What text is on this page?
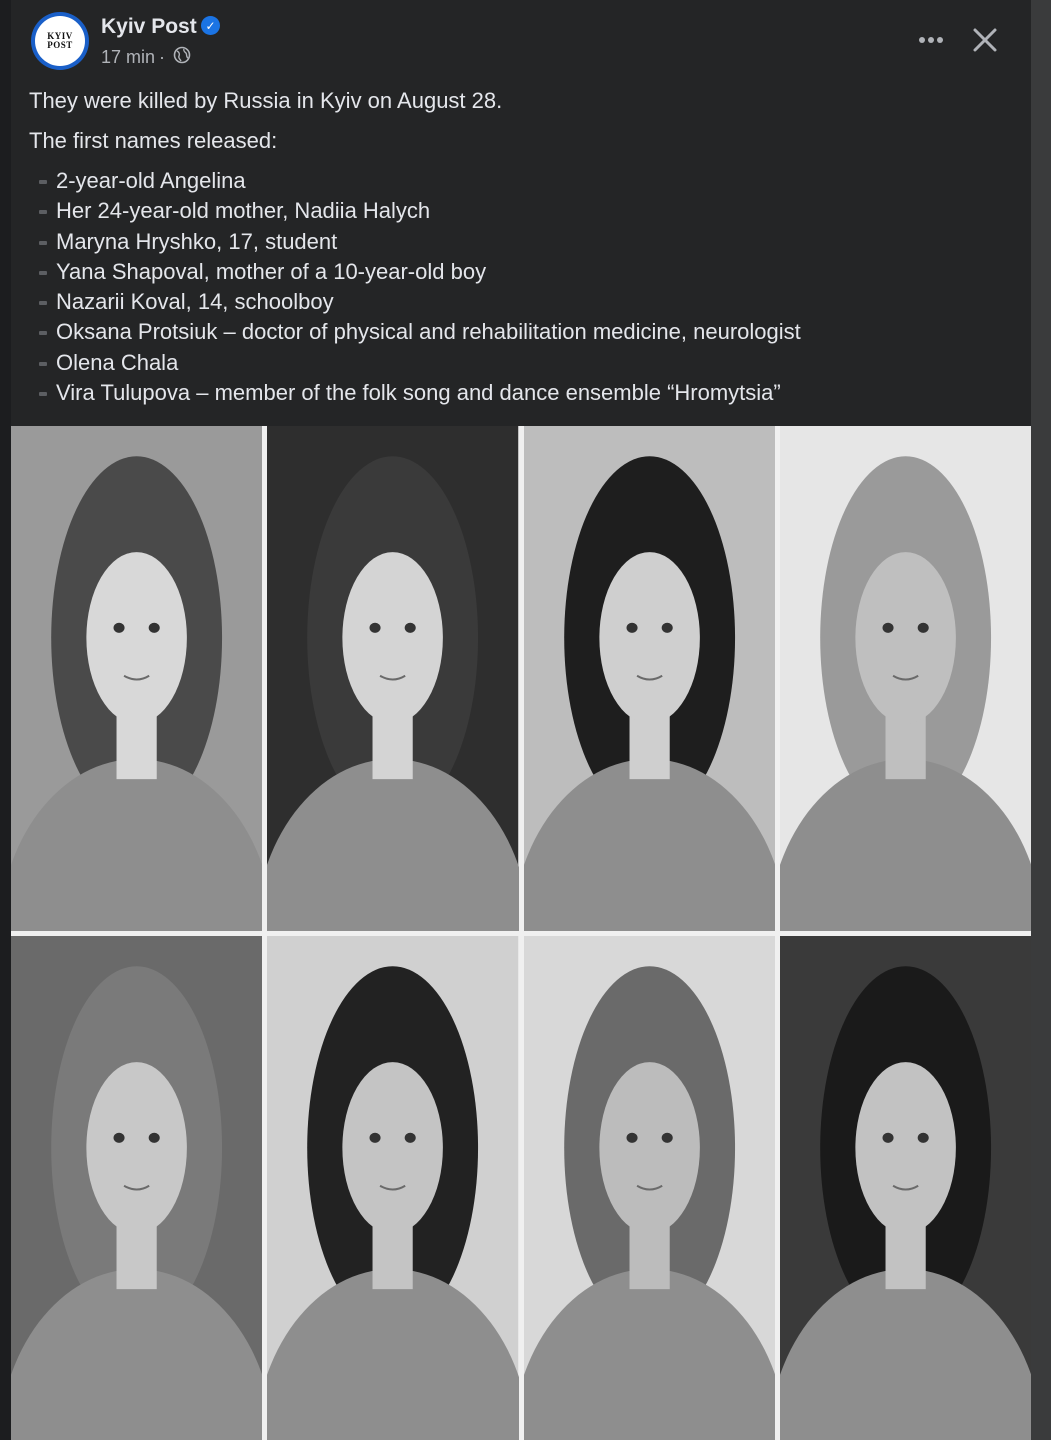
KYIV
POST
Kyiv Post ✓
17 min ·

They were killed by Russia in Kyiv on August 28.

The first names released:

2-year-old Angelina
Her 24-year-old mother, Nadiia Halych
Maryna Hryshko, 17, student
Yana Shapoval, mother of a 10-year-old boy
Nazarii Koval, 14, schoolboy
Oksana Protsiuk – doctor of physical and rehabilitation medicine, neurologist
Olena Chala
Vira Tulupova – member of the folk song and dance ensemble “Hromytsia”
